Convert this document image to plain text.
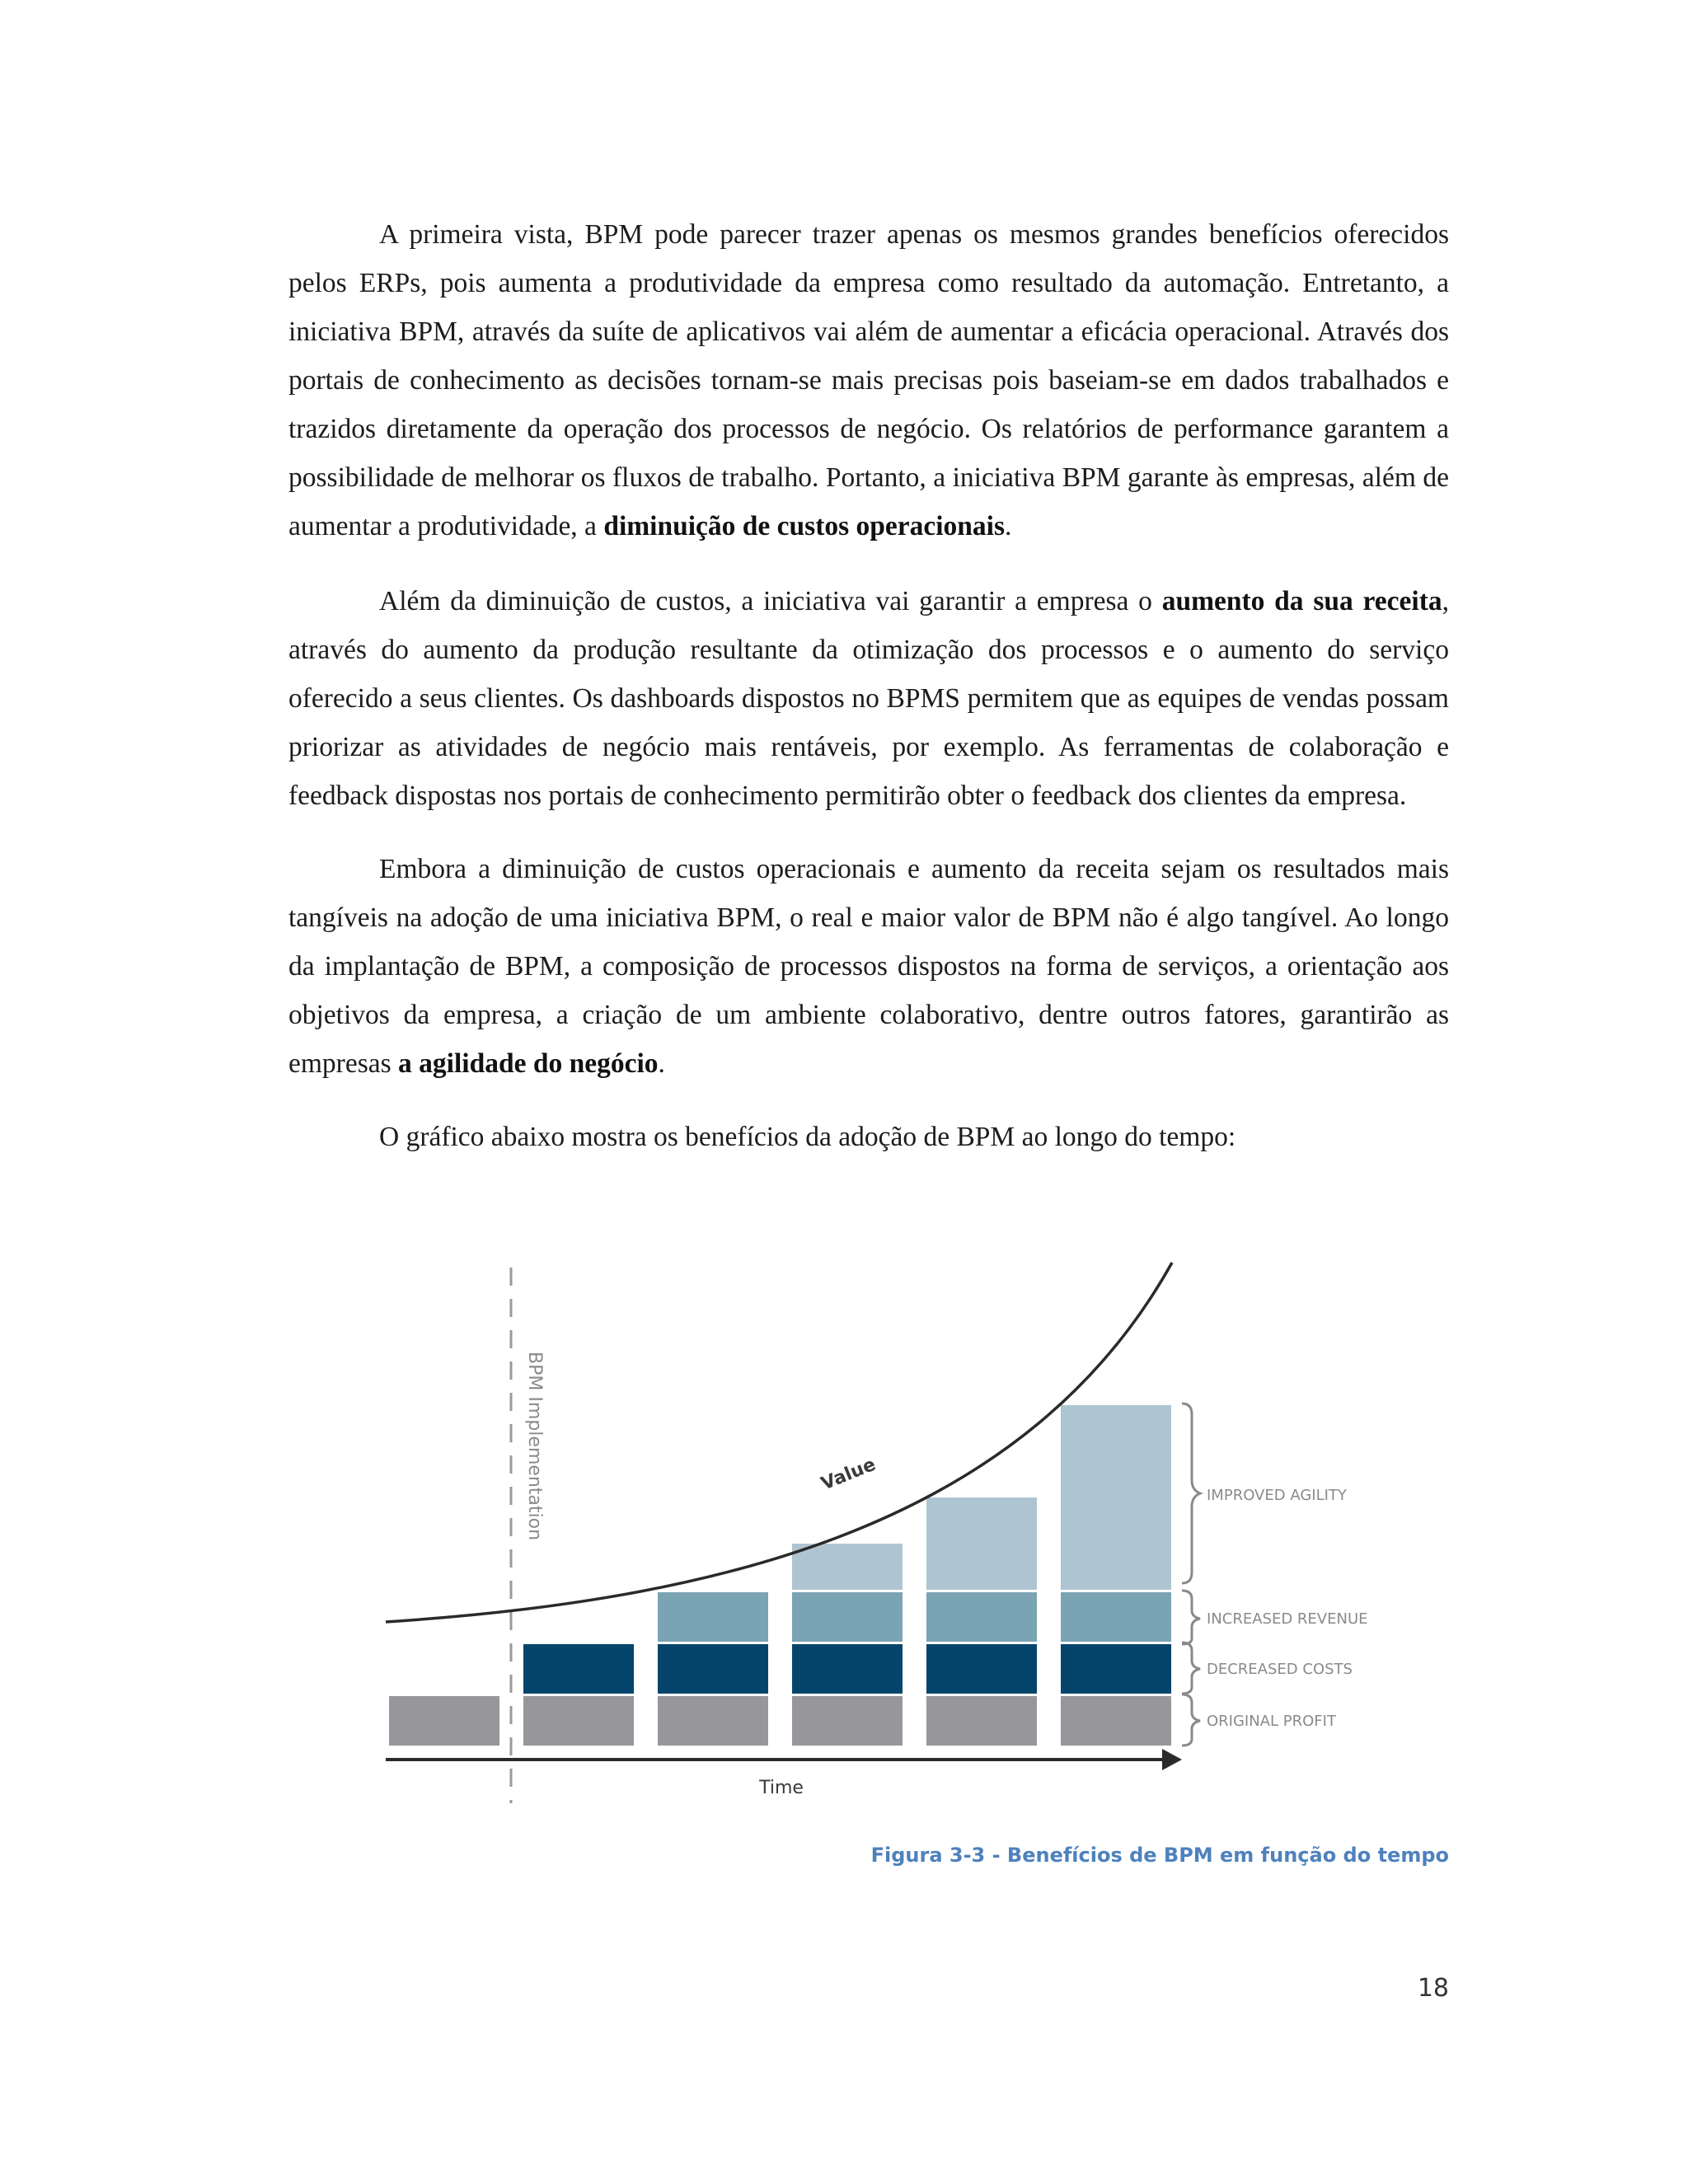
A primeira vista, BPM pode parecer trazer apenas os mesmos grandes benefícios oferecidos pelos ERPs, pois aumenta a produtividade da empresa como resultado da automação. Entretanto, a iniciativa BPM, através da suíte de aplicativos vai além de aumentar a eficácia operacional. Através dos portais de conhecimento as decisões tornam-se mais precisas pois baseiam-se em dados trabalhados e trazidos diretamente da operação dos processos de negócio. Os relatórios de performance garantem a possibilidade de melhorar os fluxos de trabalho. Portanto, a iniciativa BPM garante às empresas, além de aumentar a produtividade, a diminuição de custos operacionais.

Além da diminuição de custos, a iniciativa vai garantir a empresa o aumento da sua receita, através do aumento da produção resultante da otimização dos processos e o aumento do serviço oferecido a seus clientes. Os dashboards dispostos no BPMS permitem que as equipes de vendas possam priorizar as atividades de negócio mais rentáveis, por exemplo. As ferramentas de colaboração e feedback dispostas nos portais de conhecimento permitirão obter o feedback dos clientes da empresa.

Embora a diminuição de custos operacionais e aumento da receita sejam os resultados mais tangíveis na adoção de uma iniciativa BPM, o real e maior valor de BPM não é algo tangível. Ao longo da implantação de BPM, a composição de processos dispostos na forma de serviços, a orientação aos objetivos da empresa, a criação de um ambiente colaborativo, dentre outros fatores, garantirão as empresas a agilidade do negócio.

O gráfico abaixo mostra os benefícios da adoção de BPM ao longo do tempo:

BPM Implementation	Value
Time
IMPROVED AGILITY
INCREASED REVENUE
DECREASED COSTS
ORIGINAL PROFIT
Figura 3-3 - Benefícios de BPM em função do tempo
18
